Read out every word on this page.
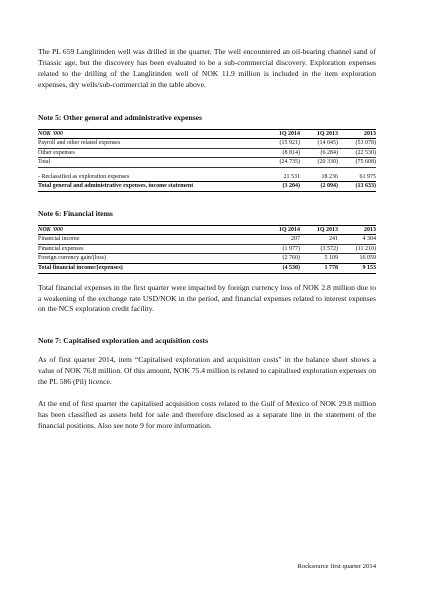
The PL 659 Langlitinden well was drilled in the quarter. The well encountered an oil-bearing channel sand of Triassic age, but the discovery has been evaluated to be a sub-commercial discovery. Exploration expenses related to the drilling of the Langlitinden well of NOK 11.9 million is included in the item exploration expenses, dry wells/sub-commercial in the table above.

Note 5: Other general and administrative expenses
NOK '000	1Q 2014	1Q 2013	2013
Payroll and other related expenses	(15 921)	(14 045)	(53 078)
Other expenses	(8 814)	(6 284)	(22 530)
Total	(24 735)	(20 330)	(75 608)

- Reclassified as exploration expenses	21 531	18 236	61 975
Total general and administrative expenses, income statement	(3 204)	(2 094)	(13 633)
Note 6: Financial items
NOK '000	1Q 2014	1Q 2013	2013
Financial income	207	241	4 304
Financial expenses	(1 977)	(3 572)	(11 210)
Foreign currency gain/(loss)	(2 760)	5 109	16 059
Total financial income/(expenses)	(4 530)	1 778	9 153

Total financial expenses in the first quarter were impacted by foreign currency loss of NOK 2.8 million due to a weakening of the exchange rate USD/NOK in the period, and financial expenses related to interest expenses on the NCS exploration credit facility.

Note 7: Capitalised exploration and acquisition costs

As of first quarter 2014, item “Capitalised exploration and acquisition costs” in the balance sheet shows a value of NOK 76.8 million. Of this amount, NOK 75.4 million is related to capitalised exploration expenses on the PL 586 (Pil) licence.

At the end of first quarter the capitalised acquisition costs related to the Gulf of Mexico of NOK 29.8 million has been classified as assets held for sale and therefore disclosed as a separate line in the statement of the financial positions. Also see note 9 for more information.

Rocksource first quarter 2014
